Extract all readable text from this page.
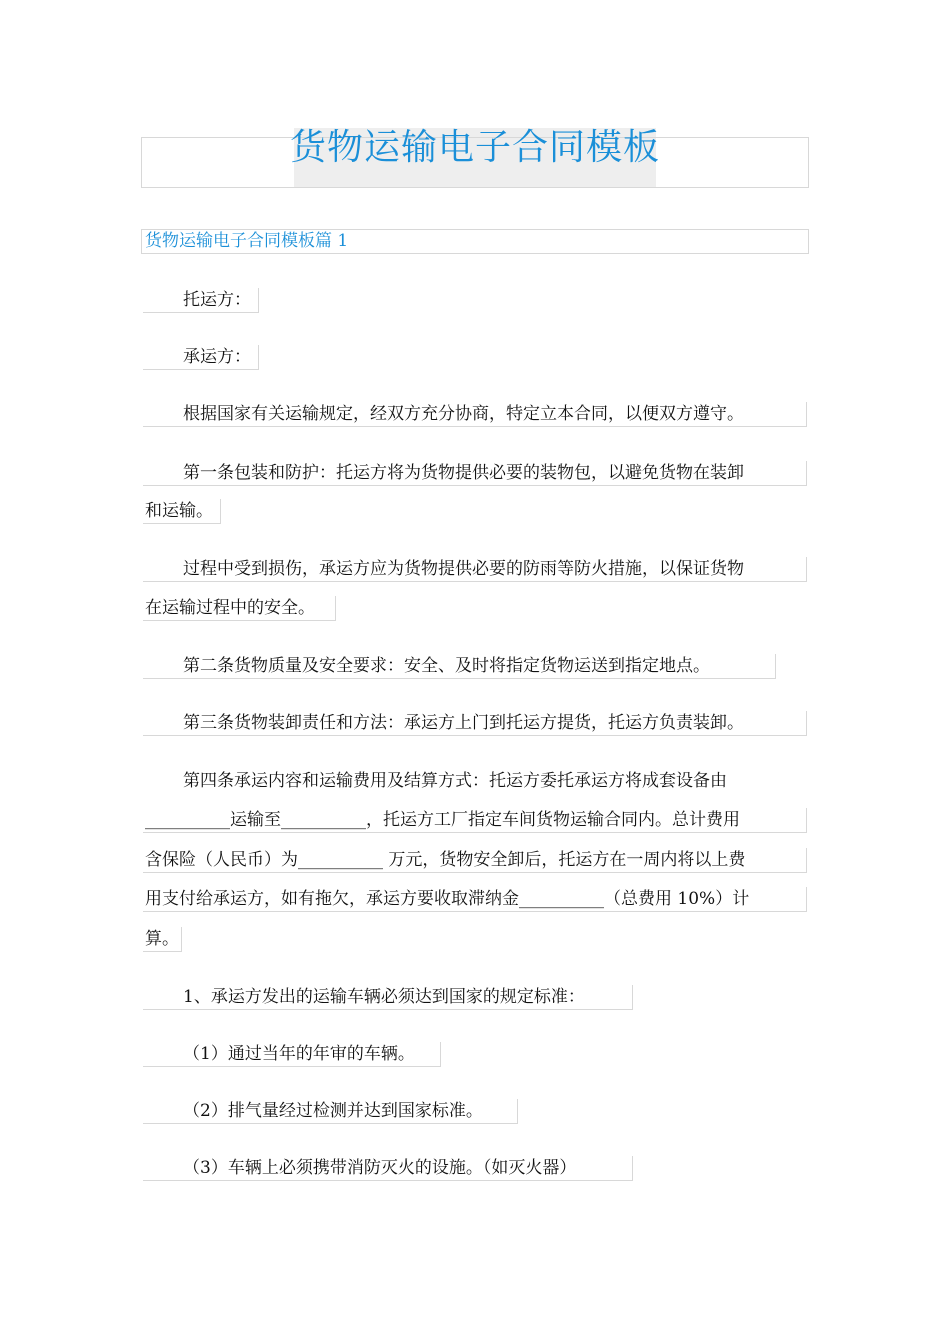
货物运输电子合同模板
货物运输电子合同模板篇 1
托运方：
承运方：
根据国家有关运输规定，经双方充分协商，特定立本合同，以便双方遵守。
第一条包装和防护：托运方将为货物提供必要的装物包，以避免货物在装卸
和运输。
过程中受到损伤，承运方应为货物提供必要的防雨等防火措施，以保证货物
在运输过程中的安全。
第二条货物质量及安全要求：安全、及时将指定货物运送到指定地点。
第三条货物装卸责任和方法：承运方上门到托运方提货，托运方负责装卸。
第四条承运内容和运输费用及结算方式：托运方委托承运方将成套设备由
__________运输至__________，托运方工厂指定车间货物运输合同内。总计费用
含保险（人民币）为__________ 万元，货物安全卸后，托运方在一周内将以上费
用支付给承运方，如有拖欠，承运方要收取滞纳金__________（总费用 10%）计
算。
1、承运方发出的运输车辆必须达到国家的规定标准：
（1）通过当年的年审的车辆。
（2）排气量经过检测并达到国家标准。
（3）车辆上必须携带消防灭火的设施。（如灭火器）
